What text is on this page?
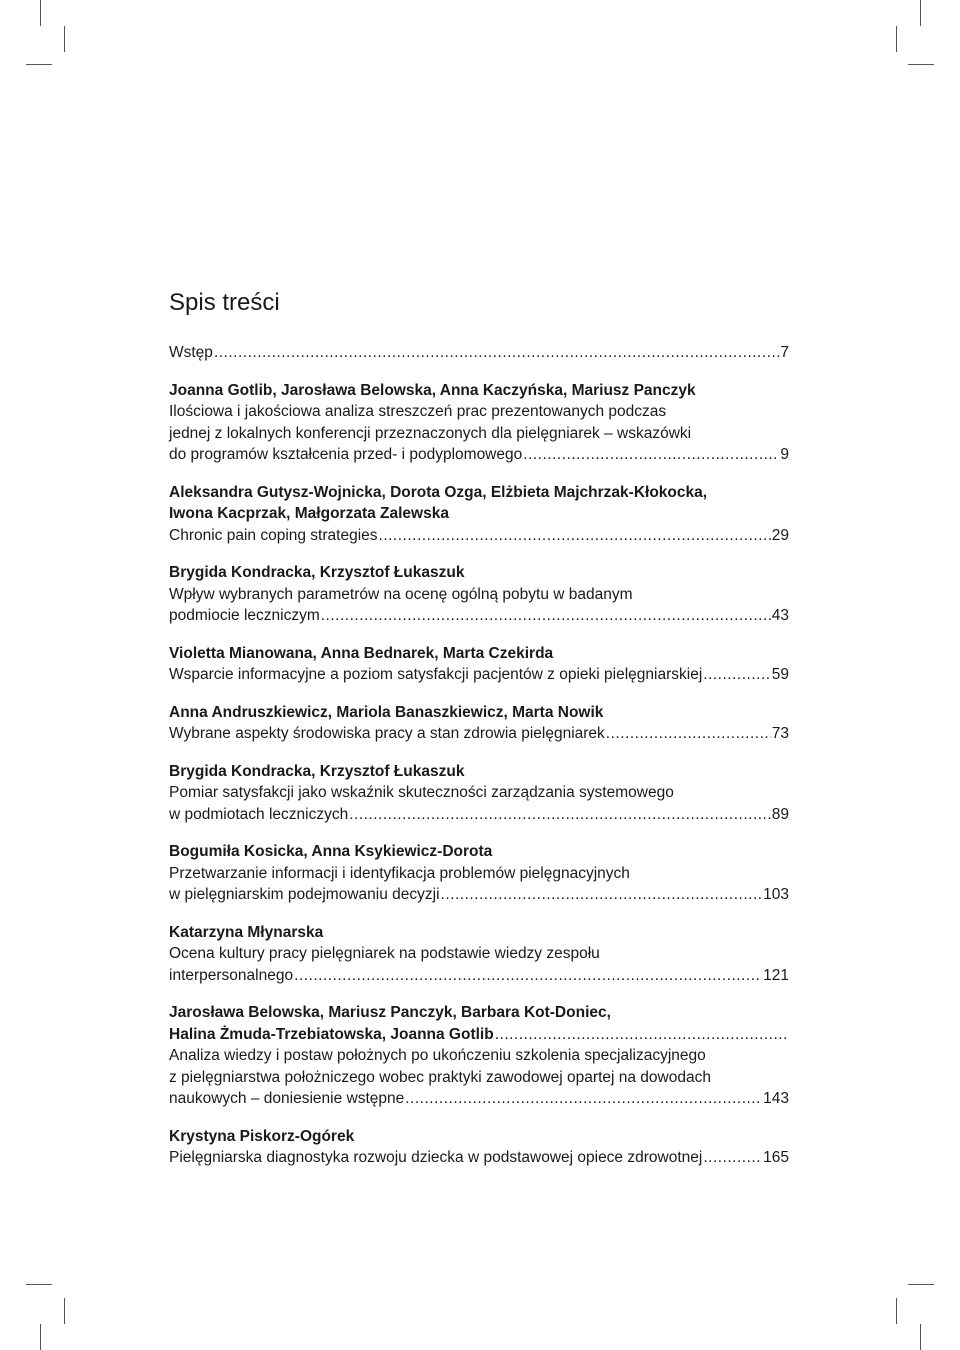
Spis treści
Wstęp .....	7
Joanna Gotlib, Jarosława Belowska, Anna Kaczyńska, Mariusz Panczyk
Ilościowa i jakościowa analiza streszczeń prac prezentowanych podczas
jednej z lokalnych konferencji przeznaczonych dla pielęgniarek – wskazówki
do programów kształcenia przed- i podyplomowego .....	9
Aleksandra Gutysz-Wojnicka, Dorota Ozga, Elżbieta Majchrzak-Kłokocka,
Iwona Kacprzak, Małgorzata Zalewska
Chronic pain coping strategies .....	29
Brygida Kondracka, Krzysztof Łukaszuk
Wpływ wybranych parametrów na ocenę ogólną pobytu w badanym
podmiocie leczniczym .....	43
Violetta Mianowana, Anna Bednarek, Marta Czekirda
Wsparcie informacyjne a poziom satysfakcji pacjentów z opieki pielęgniarskiej .....	59
Anna Andruszkiewicz, Mariola Banaszkiewicz, Marta Nowik
Wybrane aspekty środowiska pracy a stan zdrowia pielęgniarek .....	73
Brygida Kondracka, Krzysztof Łukaszuk
Pomiar satysfakcji jako wskaźnik skuteczności zarządzania systemowego
w podmiotach leczniczych .....	89
Bogumiła Kosicka, Anna Ksykiewicz-Dorota
Przetwarzanie informacji i identyfikacja problemów pielęgnacyjnych
w pielęgniarskim podejmowaniu decyzji .....	103
Katarzyna Młynarska
Ocena kultury pracy pielęgniarek na podstawie wiedzy zespołu
interpersonalnego .....	121
Jarosława Belowska, Mariusz Panczyk, Barbara Kot-Doniec,
Halina Żmuda-Trzebiatowska, Joanna Gotlib
.....
Analiza wiedzy i postaw położnych po ukończeniu szkolenia specjalizacyjnego
z pielęgniarstwa położniczego wobec praktyki zawodowej opartej na dowodach
naukowych – doniesienie wstępne .....	143
Krystyna Piskorz-Ogórek
Pielęgniarska diagnostyka rozwoju dziecka w podstawowej opiece zdrowotnej .....	165
